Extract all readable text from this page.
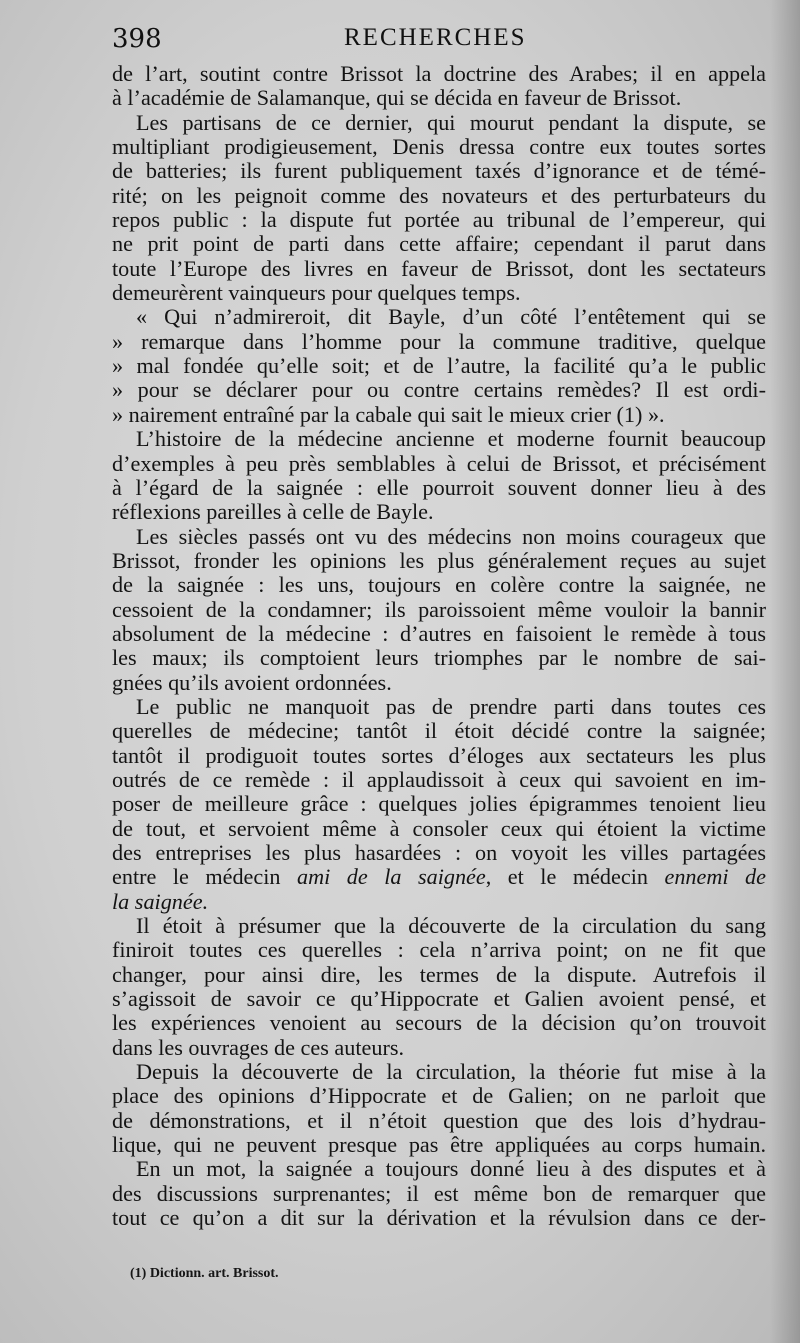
398	RECHERCHES
de l’art, soutint contre Brissot la doctrine des Arabes; il en appela
à l’académie de Salamanque, qui se décida en faveur de Brissot.
Les partisans de ce dernier, qui mourut pendant la dispute, se
multipliant prodigieusement, Denis dressa contre eux toutes sortes
de batteries; ils furent publiquement taxés d’ignorance et de témé-
rité; on les peignoit comme des novateurs et des perturbateurs du
repos public : la dispute fut portée au tribunal de l’empereur, qui
ne prit point de parti dans cette affaire; cependant il parut dans
toute l’Europe des livres en faveur de Brissot, dont les sectateurs
demeurèrent vainqueurs pour quelques temps.
« Qui n’admireroit, dit Bayle, d’un côté l’entêtement qui se
» remarque dans l’homme pour la commune traditive, quelque
» mal fondée qu’elle soit; et de l’autre, la facilité qu’a le public
» pour se déclarer pour ou contre certains remèdes? Il est ordi-
» nairement entraîné par la cabale qui sait le mieux crier (1) ».
L’histoire de la médecine ancienne et moderne fournit beaucoup
d’exemples à peu près semblables à celui de Brissot, et précisément
à l’égard de la saignée : elle pourroit souvent donner lieu à des
réflexions pareilles à celle de Bayle.
Les siècles passés ont vu des médecins non moins courageux que
Brissot, fronder les opinions les plus généralement reçues au sujet
de la saignée : les uns, toujours en colère contre la saignée, ne
cessoient de la condamner; ils paroissoient même vouloir la bannir
absolument de la médecine : d’autres en faisoient le remède à tous
les maux; ils comptoient leurs triomphes par le nombre de sai-
gnées qu’ils avoient ordonnées.
Le public ne manquoit pas de prendre parti dans toutes ces
querelles de médecine; tantôt il étoit décidé contre la saignée;
tantôt il prodiguoit toutes sortes d’éloges aux sectateurs les plus
outrés de ce remède : il applaudissoit à ceux qui savoient en im-
poser de meilleure grâce : quelques jolies épigrammes tenoient lieu
de tout, et servoient même à consoler ceux qui étoient la victime
des entreprises les plus hasardées : on voyoit les villes partagées
entre le médecin ami de la saignée, et le médecin ennemi de
la saignée.
Il étoit à présumer que la découverte de la circulation du sang
finiroit toutes ces querelles : cela n’arriva point; on ne fit que
changer, pour ainsi dire, les termes de la dispute. Autrefois il
s’agissoit de savoir ce qu’Hippocrate et Galien avoient pensé, et
les expériences venoient au secours de la décision qu’on trouvoit
dans les ouvrages de ces auteurs.
Depuis la découverte de la circulation, la théorie fut mise à la
place des opinions d’Hippocrate et de Galien; on ne parloit que
de démonstrations, et il n’étoit question que des lois d’hydrau-
lique, qui ne peuvent presque pas être appliquées au corps humain.
En un mot, la saignée a toujours donné lieu à des disputes et à
des discussions surprenantes; il est même bon de remarquer que
tout ce qu’on a dit sur la dérivation et la révulsion dans ce der-
(1) Dictionn. art. Brissot.
